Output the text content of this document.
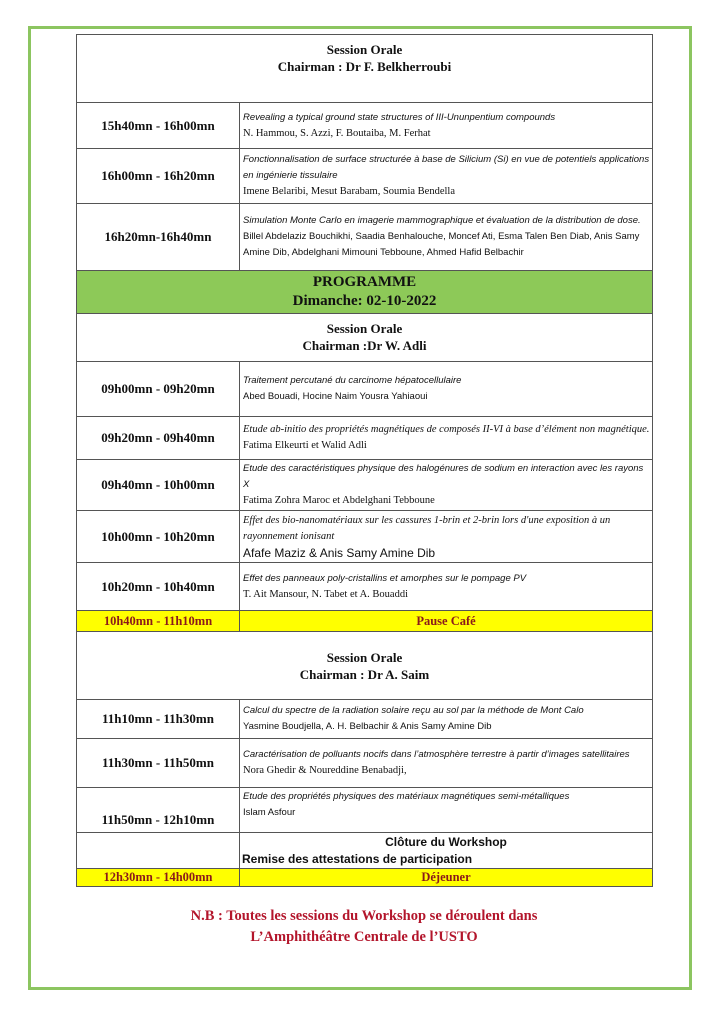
Session Orale
Chairman : Dr F. Belkherroubi	

15h40mn - 16h00mn	Revealing a typical ground state structures of III-Ununpentium compounds
N. Hammou, S. Azzi, F. Boutaiba, M. Ferhat

16h00mn - 16h20mn	Fonctionnalisation de surface structurée à base de Silicium (Si) en vue de potentiels applications en ingénierie tissulaire
Imene Belaribi, Mesut Barabam, Soumia Bendella

16h20mn-16h40mn	Simulation Monte Carlo en imagerie mammographique et évaluation de la distribution de dose.
Billel Abdelaziz Bouchikhi, Saadia Benhalouche, Moncef Ati, Esma Talen Ben Diab, Anis Samy Amine Dib, Abdelghani Mimouni Tebboune, Ahmed Hafid Belbachir

PROGRAMME
Dimanche: 02-10-2022	

Session Orale
Chairman :Dr W. Adli	

09h00mn - 09h20mn	Traitement percutané du carcinome hépatocellulaire
Abed Bouadi, Hocine Naim Yousra Yahiaoui

09h20mn - 09h40mn	Etude ab-initio des propriétés magnétiques de composés II-VI à base d’élément non magnétique.
Fatima Elkeurti et Walid Adli

09h40mn - 10h00mn	Etude des caractéristiques physique des halogénures de sodium en interaction avec les rayons X
Fatima Zohra Maroc et Abdelghani Tebboune

10h00mn - 10h20mn	Effet des bio-nanomatériaux sur les cassures 1-brin et 2-brin lors d'une exposition à un rayonnement ionisant
Afafe Maziz & Anis Samy Amine Dib

10h20mn - 10h40mn	Effet des panneaux poly-cristallins et amorphes sur le pompage PV
T. Ait Mansour, N. Tabet et A. Bouaddi

10h40mn - 11h10mn	Pause Café

Session Orale
Chairman : Dr A. Saim	

11h10mn - 11h30mn	Calcul du spectre de la radiation solaire reçu au sol par la méthode de Mont Calo
Yasmine Boudjella, A. H. Belbachir & Anis Samy Amine Dib

11h30mn - 11h50mn	Caractérisation de polluants nocifs dans l’atmosphère terrestre à partir d’images satellitaires
Nora Ghedir & Noureddine Benabadji,

11h50mn - 12h10mn	Etude des propriétés physiques des matériaux magnétiques semi-métalliques
Islam Asfour

	Clôture du Workshop
Remise des attestations de participation

12h30mn - 14h00mn	Déjeuner
N.B : Toutes les sessions du Workshop se déroulent dans
L’Amphithéâtre Centrale de l’USTO
